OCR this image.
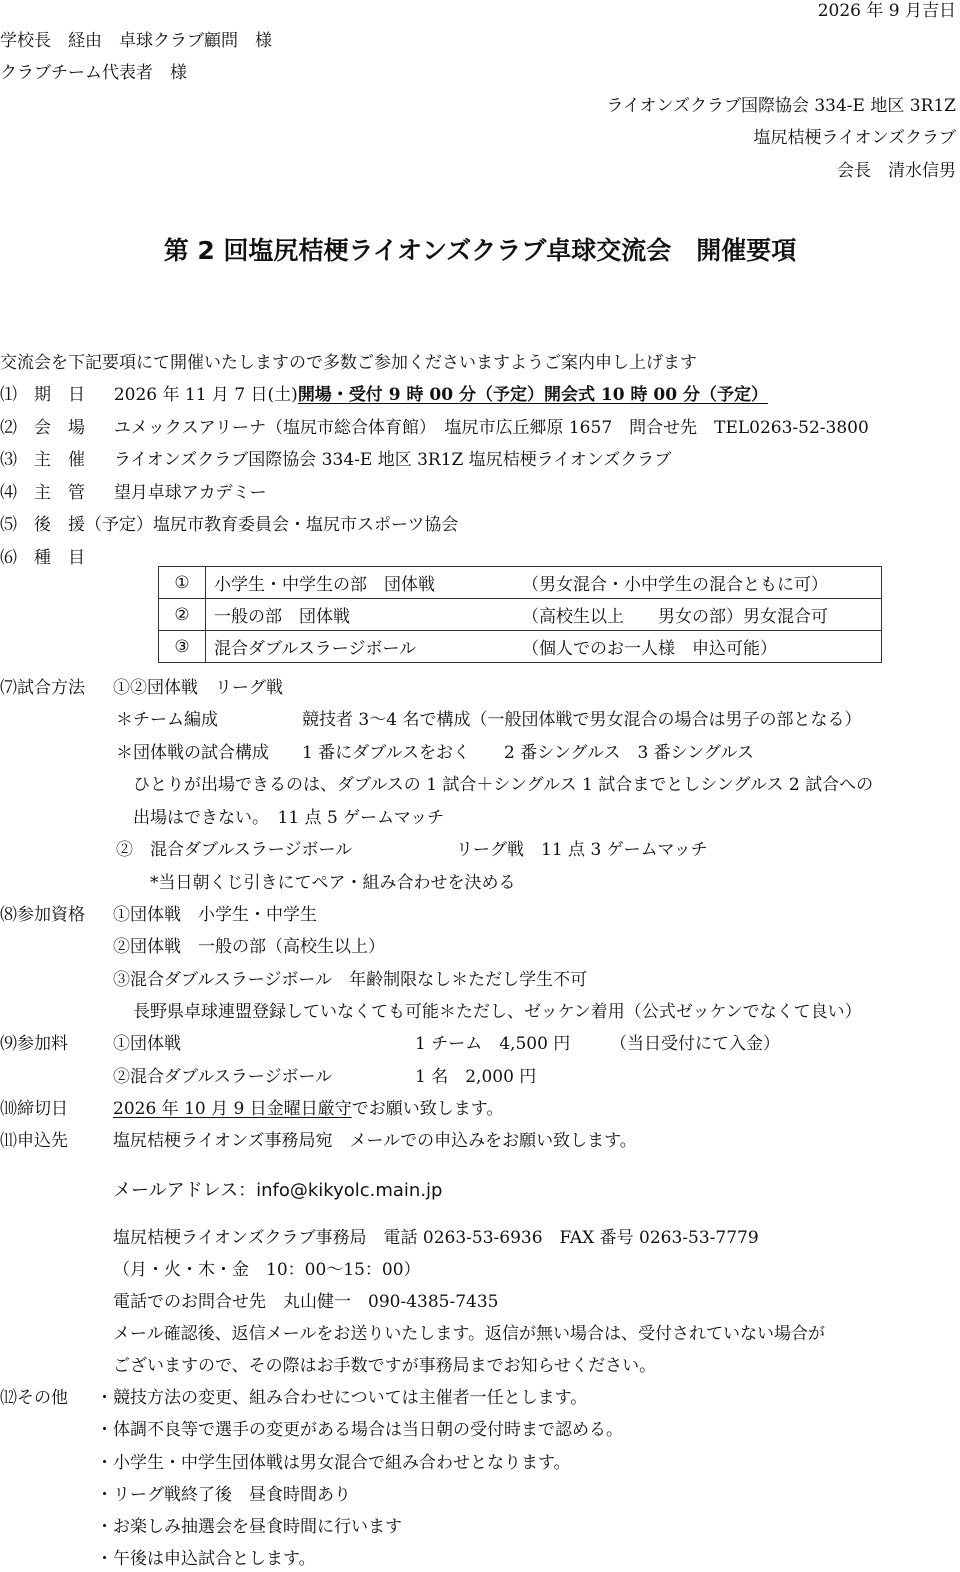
2026 年 9 月吉日
学校長　経由　卓球クラブ顧問　様
クラブチーム代表者　様
ライオンズクラブ国際協会 334-E 地区 3R1Z
塩尻桔梗ライオンズクラブ
会長　清水信男
第 2 回塩尻桔梗ライオンズクラブ卓球交流会　開催要項
交流会を下記要項にて開催いたしますので多数ご参加くださいますようご案内申し上げます
⑴　期　日 2026 年 11 月 7 日(土)開場・受付 9 時 00 分（予定）開会式 10 時 00 分（予定）
⑵　会　場 ユメックスアリーナ（塩尻市総合体育館）　塩尻市広丘郷原 1657　問合せ先　TEL0263-52-3800
⑶　主　催 ライオンズクラブ国際協会 334-E 地区 3R1Z 塩尻桔梗ライオンズクラブ
⑷　主　管 望月卓球アカデミー
⑸　後　援（予定）塩尻市教育委員会・塩尻市スポーツ協会
⑹　種　目
①	小学生・中学生の部　団体戦	（男女混合・小中学生の混合ともに可）
②	一般の部　団体戦	（高校生以上　　男女の部）男女混合可
③	混合ダブルスラージボール	（個人でのお一人様　申込可能）
⑺試合方法 ①②団体戦　リーグ戦
＊チーム編成	競技者 3～4 名で構成（一般団体戦で男女混合の場合は男子の部となる）
＊団体戦の試合構成 1 番にダブルスをおく　　2 番シングルス　3 番シングルス
ひとりが出場できるのは、ダブルスの 1 試合＋シングルス 1 試合までとしシングルス 2 試合への
出場はできない。　11 点 5 ゲームマッチ
②　混合ダブルスラージボール	リーグ戦　11 点 3 ゲームマッチ
*当日朝くじ引きにてペア・組み合わせを決める
⑻参加資格 ①団体戦　小学生・中学生
②団体戦　一般の部（高校生以上）
③混合ダブルスラージボール　年齢制限なし＊ただし学生不可
長野県卓球連盟登録していなくても可能＊ただし、ゼッケン着用（公式ゼッケンでなくて良い）
⑼参加料	①団体戦	1 チーム　4,500 円 （当日受付にて入金）
②混合ダブルスラージボール	1 名　2,000 円
⑽締切日	2026 年 10 月 9 日金曜日厳守でお願い致します。
⑾申込先	塩尻桔梗ライオンズ事務局宛　メールでの申込みをお願い致します。
メールアドレス：info@kikyolc.main.jp
塩尻桔梗ライオンズクラブ事務局　電話 0263-53-6936　FAX 番号 0263-53-7779
（月・火・木・金　10：00～15：00）
電話でのお問合せ先　丸山健一　090-4385-7435
メール確認後、返信メールをお送りいたします。返信が無い場合は、受付されていない場合が
ございますので、その際はお手数ですが事務局までお知らせください。
⑿その他 ・競技方法の変更、組み合わせについては主催者一任とします。
・体調不良等で選手の変更がある場合は当日朝の受付時まで認める。
・小学生・中学生団体戦は男女混合で組み合わせとなります。
・リーグ戦終了後　昼食時間あり
・お楽しみ抽選会を昼食時間に行います
・午後は申込試合とします。
